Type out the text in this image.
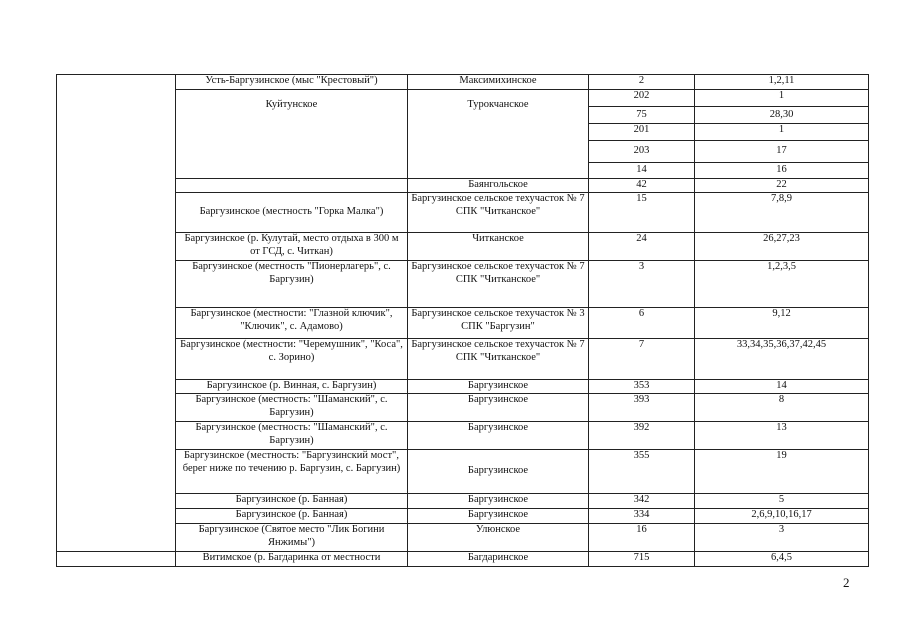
	Усть-Баргузинское (мыс "Крестовый")	Максимихинское	2	1,2,11
	Куйтунское	Турокчанское	202	1
			75	28,30
			201	1
			203	17
			14	16
		Баянгольское	42	22
	Баргузинское (местность "Горка Малка")	Баргузинское сельское техучасток № 7 СПК "Читканское"	15	7,8,9
	Баргузинское (р. Кулутай, место отдыха в 300 м от ГСД, с. Читкан)	Читканское	24	26,27,23
	Баргузинское (местность "Пионерлагерь", с. Баргузин)	Баргузинское сельское техучасток № 7 СПК "Читканское"	3	1,2,3,5
	Баргузинское (местности: "Глазной ключик", "Ключик", с. Адамово)	Баргузинское сельское техучасток № 3 СПК "Баргузин"	6	9,12
	Баргузинское (местности: "Черемушник", "Коса", с. Зорино)	Баргузинское сельское техучасток № 7 СПК "Читканское"	7	33,34,35,36,37,42,45
	Баргузинское (р. Винная, с. Баргузин)	Баргузинское	353	14
	Баргузинское (местность: "Шаманский", с. Баргузин)	Баргузинское	393	8
	Баргузинское (местность: "Шаманский", с. Баргузин)	Баргузинское	392	13
	Баргузинское (местность: "Баргузинский мост", берег ниже по течению р. Баргузин, с. Баргузин)	Баргузинское	355	19
	Баргузинское (р. Банная)	Баргузинское	342	5
	Баргузинское (р. Банная)	Баргузинское	334	2,6,9,10,16,17
	Баргузинское (Святое место "Лик Богини Янжимы")	Улюнское	16	3
	Витимское (р. Багдаринка от местности	Багдаринское	715	6,4,5
2
